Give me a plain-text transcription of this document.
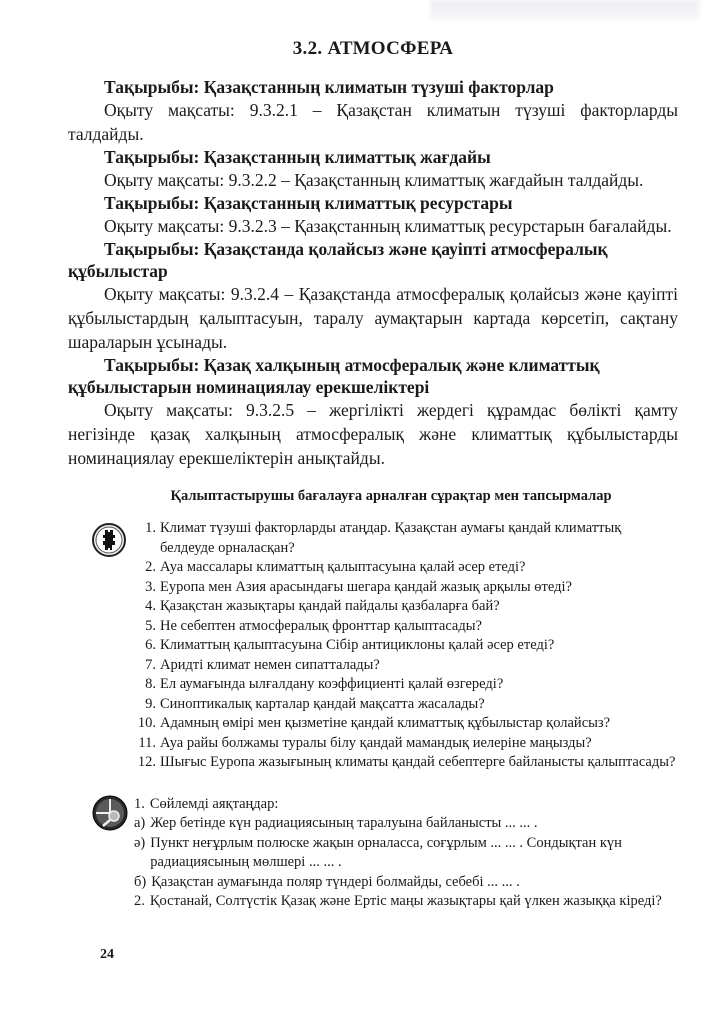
3.2. АТМОСФЕРА

Тақырыбы: Қазақстанның климатын түзуші факторлар

Оқыту мақсаты: 9.3.2.1 – Қазақстан климатын түзуші факторларды талдайды.

Тақырыбы: Қазақстанның климаттық жағдайы

Оқыту мақсаты: 9.3.2.2 – Қазақстанның климаттық жағдайын талдайды.

Тақырыбы: Қазақстанның климаттық ресурстары

Оқыту мақсаты: 9.3.2.3 – Қазақстанның климаттық ресурстарын бағалайды.

Тақырыбы: Қазақстанда қолайсыз және қауіпті атмосфералық құбылыстар

Оқыту мақсаты: 9.3.2.4 – Қазақстанда атмосфералық қолайсыз және қауіпті құбылыстардың қалыптасуын, таралу аумақтарын картада көрсетіп, сақтану шараларын ұсынады.

Тақырыбы: Қазақ халқының атмосфералық және климаттық құбылыстарын номинациялау ерекшеліктері

Оқыту мақсаты: 9.3.2.5 – жергілікті жердегі құрамдас бөлікті қамту негізінде қазақ халқының атмосфералық және климаттық құбылыстарды номинациялау ерекшеліктерін анықтайды.

Қалыптастырушы бағалауға арналған сұрақтар мен тапсырмалар
1. Климат түзуші факторларды атаңдар. Қазақстан аумағы қандай климаттық белдеуде орналасқан?
2. Ауа массалары климаттың қалыптасуына қалай әсер етеді?
3. Еуропа мен Азия арасындағы шегара қандай жазық арқылы өтеді?
4. Қазақстан жазықтары қандай пайдалы қазбаларға бай?
5. Не себептен атмосфералық фронттар қалыптасады?
6. Климаттың қалыптасуына Сібір антициклоны қалай әсер етеді?
7. Аридті климат немен сипатталады?
8. Ел аумағында ылғалдану коэффициенті қалай өзгереді?
9. Синоптикалық карталар қандай мақсатта жасалады?
10. Адамның өмірі мен қызметіне қандай климаттық құбылыстар қолайсыз?
11. Ауа райы болжамы туралы білу қандай мамандық иелеріне маңызды?
12. Шығыс Еуропа жазығының климаты қандай себептерге байланысты қалыптасады?
1. Сөйлемді аяқтаңдар:
а) Жер бетінде күн радиациясының таралуына байланысты ... ... .
ә) Пункт неғұрлым полюске жақын орналасса, соғұрлым ... ... . Сондықтан күн радиациясының мөлшері ... ... .
б) Қазақстан аумағында поляр түндері болмайды, себебі ... ... .
2. Қостанай, Солтүстік Қазақ және Ертіс маңы жазықтары қай үлкен жазыққа кіреді?
24
